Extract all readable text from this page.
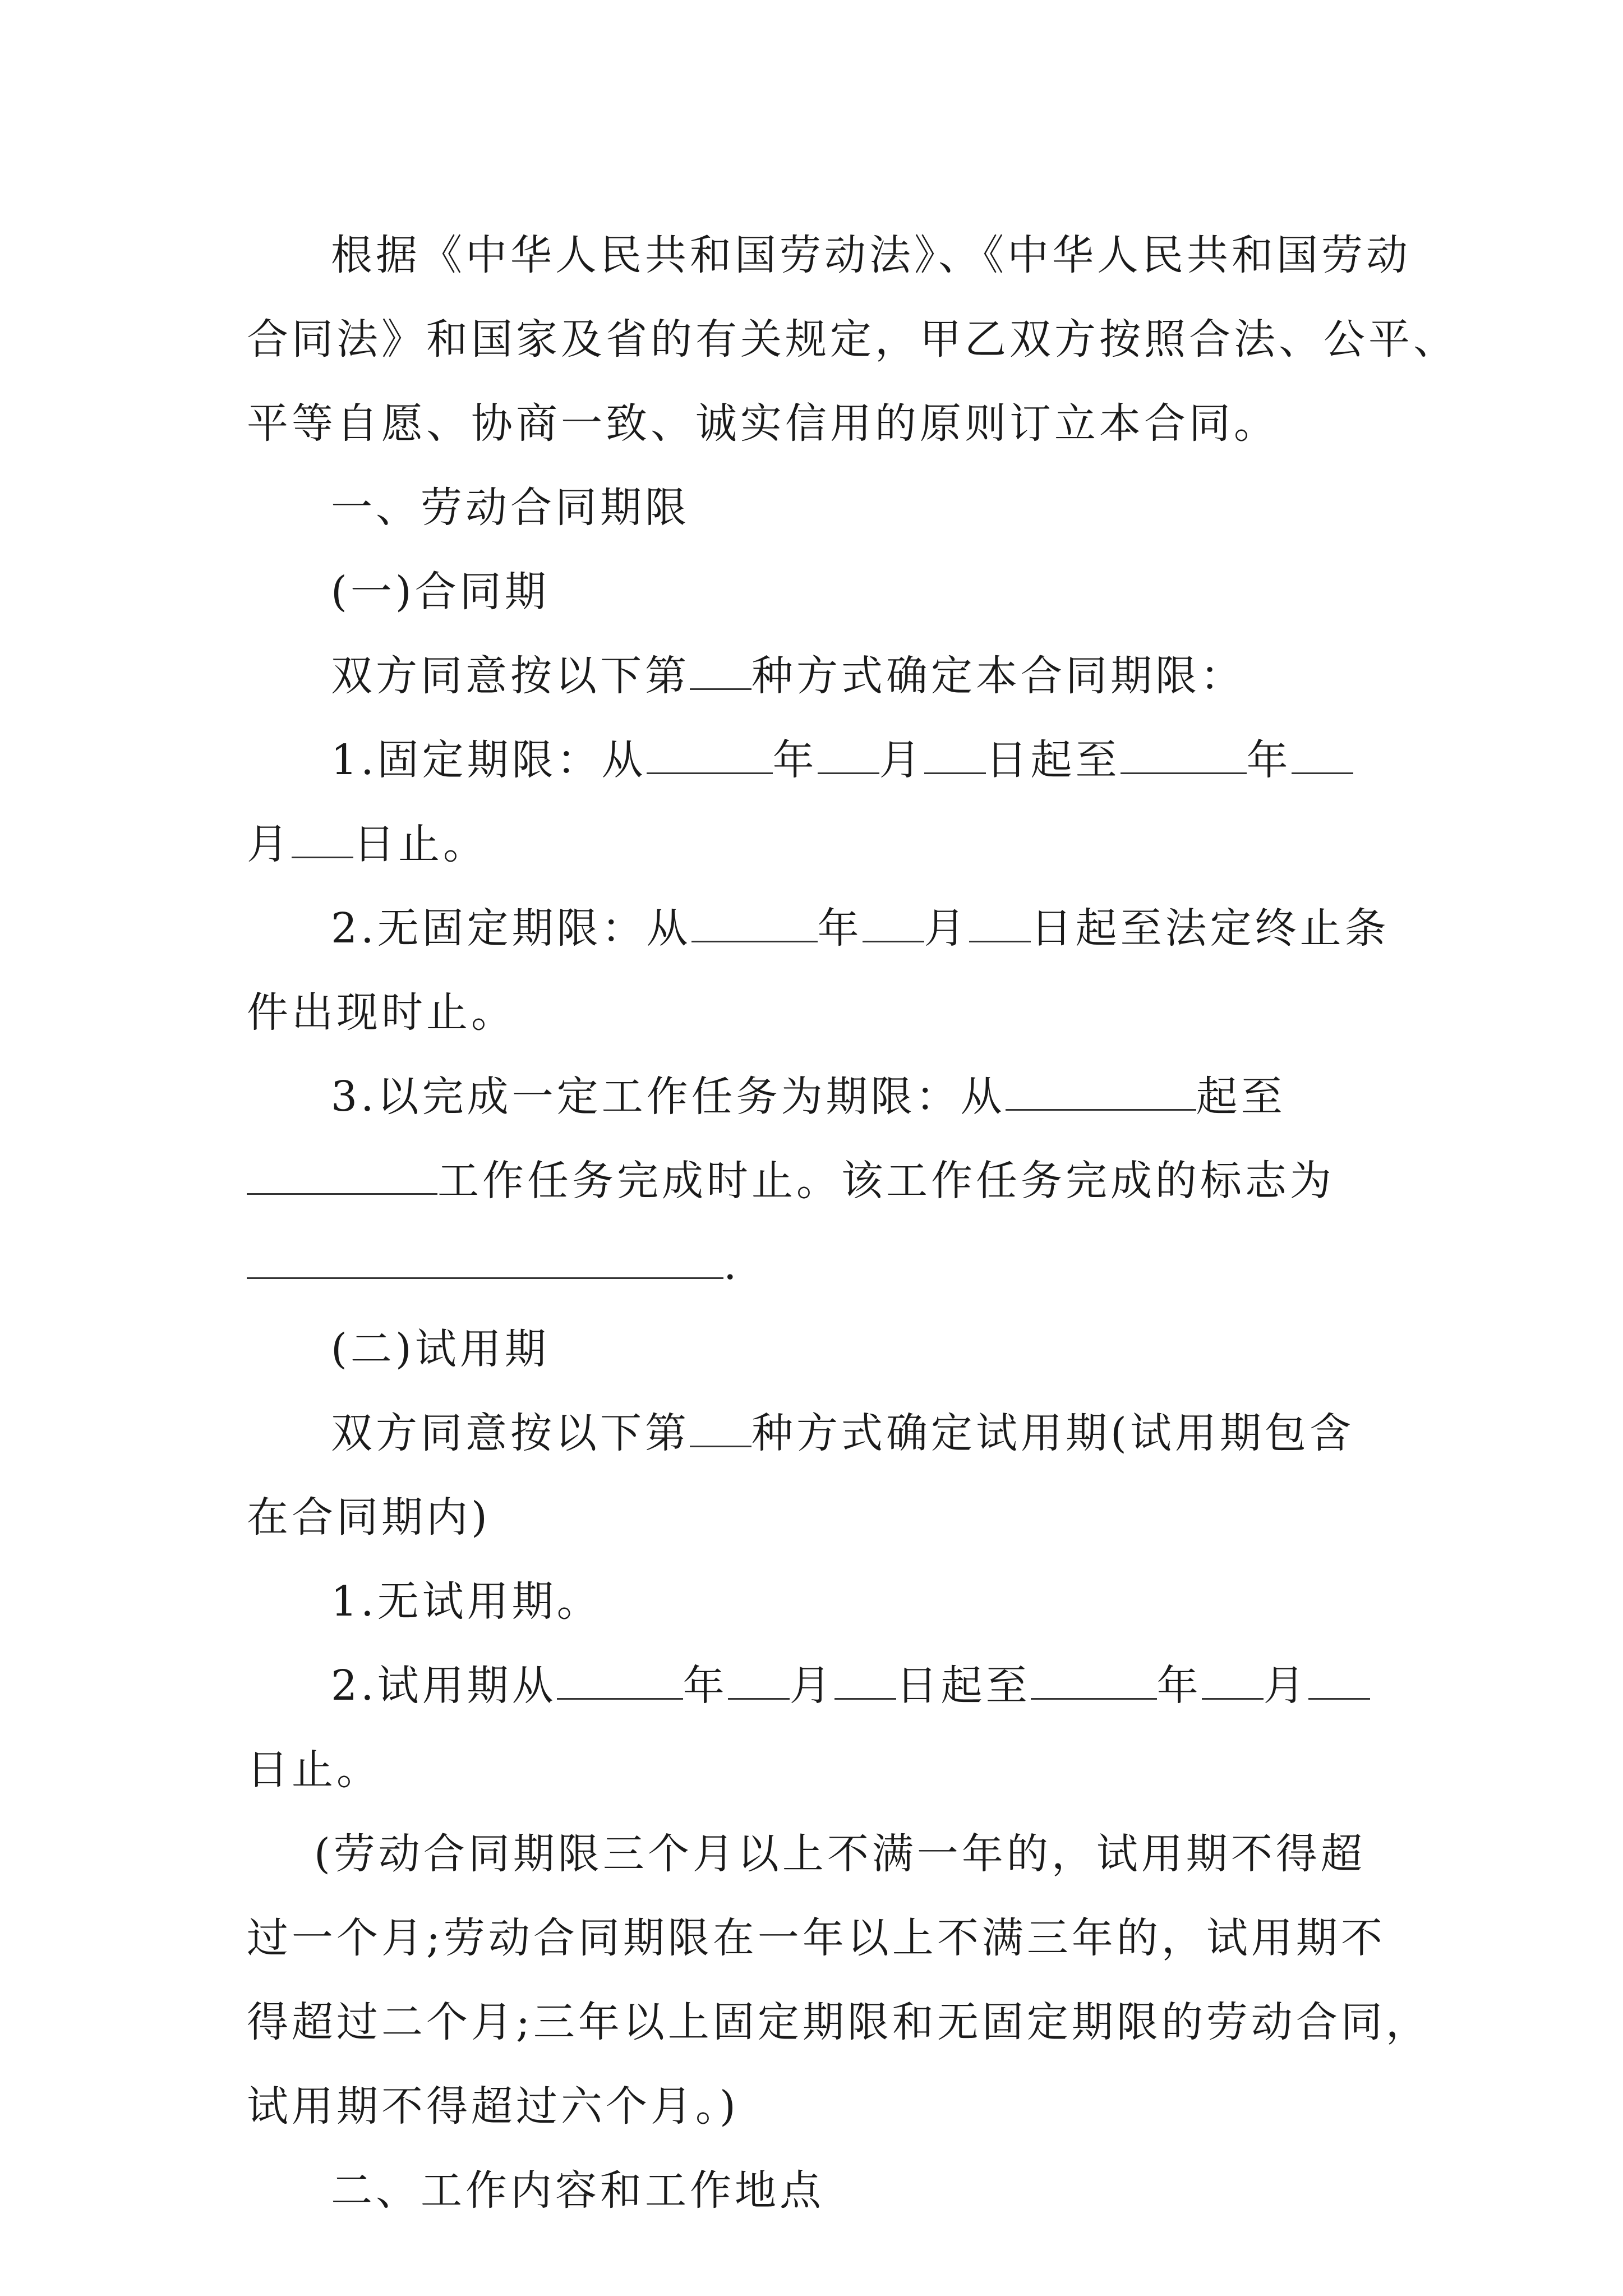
根据《中华人民共和国劳动法》、《中华人民共和国劳动

合同法》和国家及省的有关规定，甲乙双方按照合法、公平、

平等自愿、协商一致、诚实信用的原则订立本合同。

一、劳动合同期限

(一)合同期

双方同意按以下第 种方式确定本合同期限：

1.固定期限：从	年 月 日起至	年

月 日止。

2.无固定期限：从	年 月 日起至法定终止条

件出现时止。

3.以完成一定工作任务为期限：从	起至

工作任务完成时止。该工作任务完成的标志为

.

(二)试用期

双方同意按以下第 种方式确定试用期(试用期包含

在合同期内)

1.无试用期。

2.试用期从	年 月 日起至	年 月

日止。

(劳动合同期限三个月以上不满一年的，试用期不得超

过一个月;劳动合同期限在一年以上不满三年的，试用期不

得超过二个月;三年以上固定期限和无固定期限的劳动合同，

试用期不得超过六个月。)

二、工作内容和工作地点
